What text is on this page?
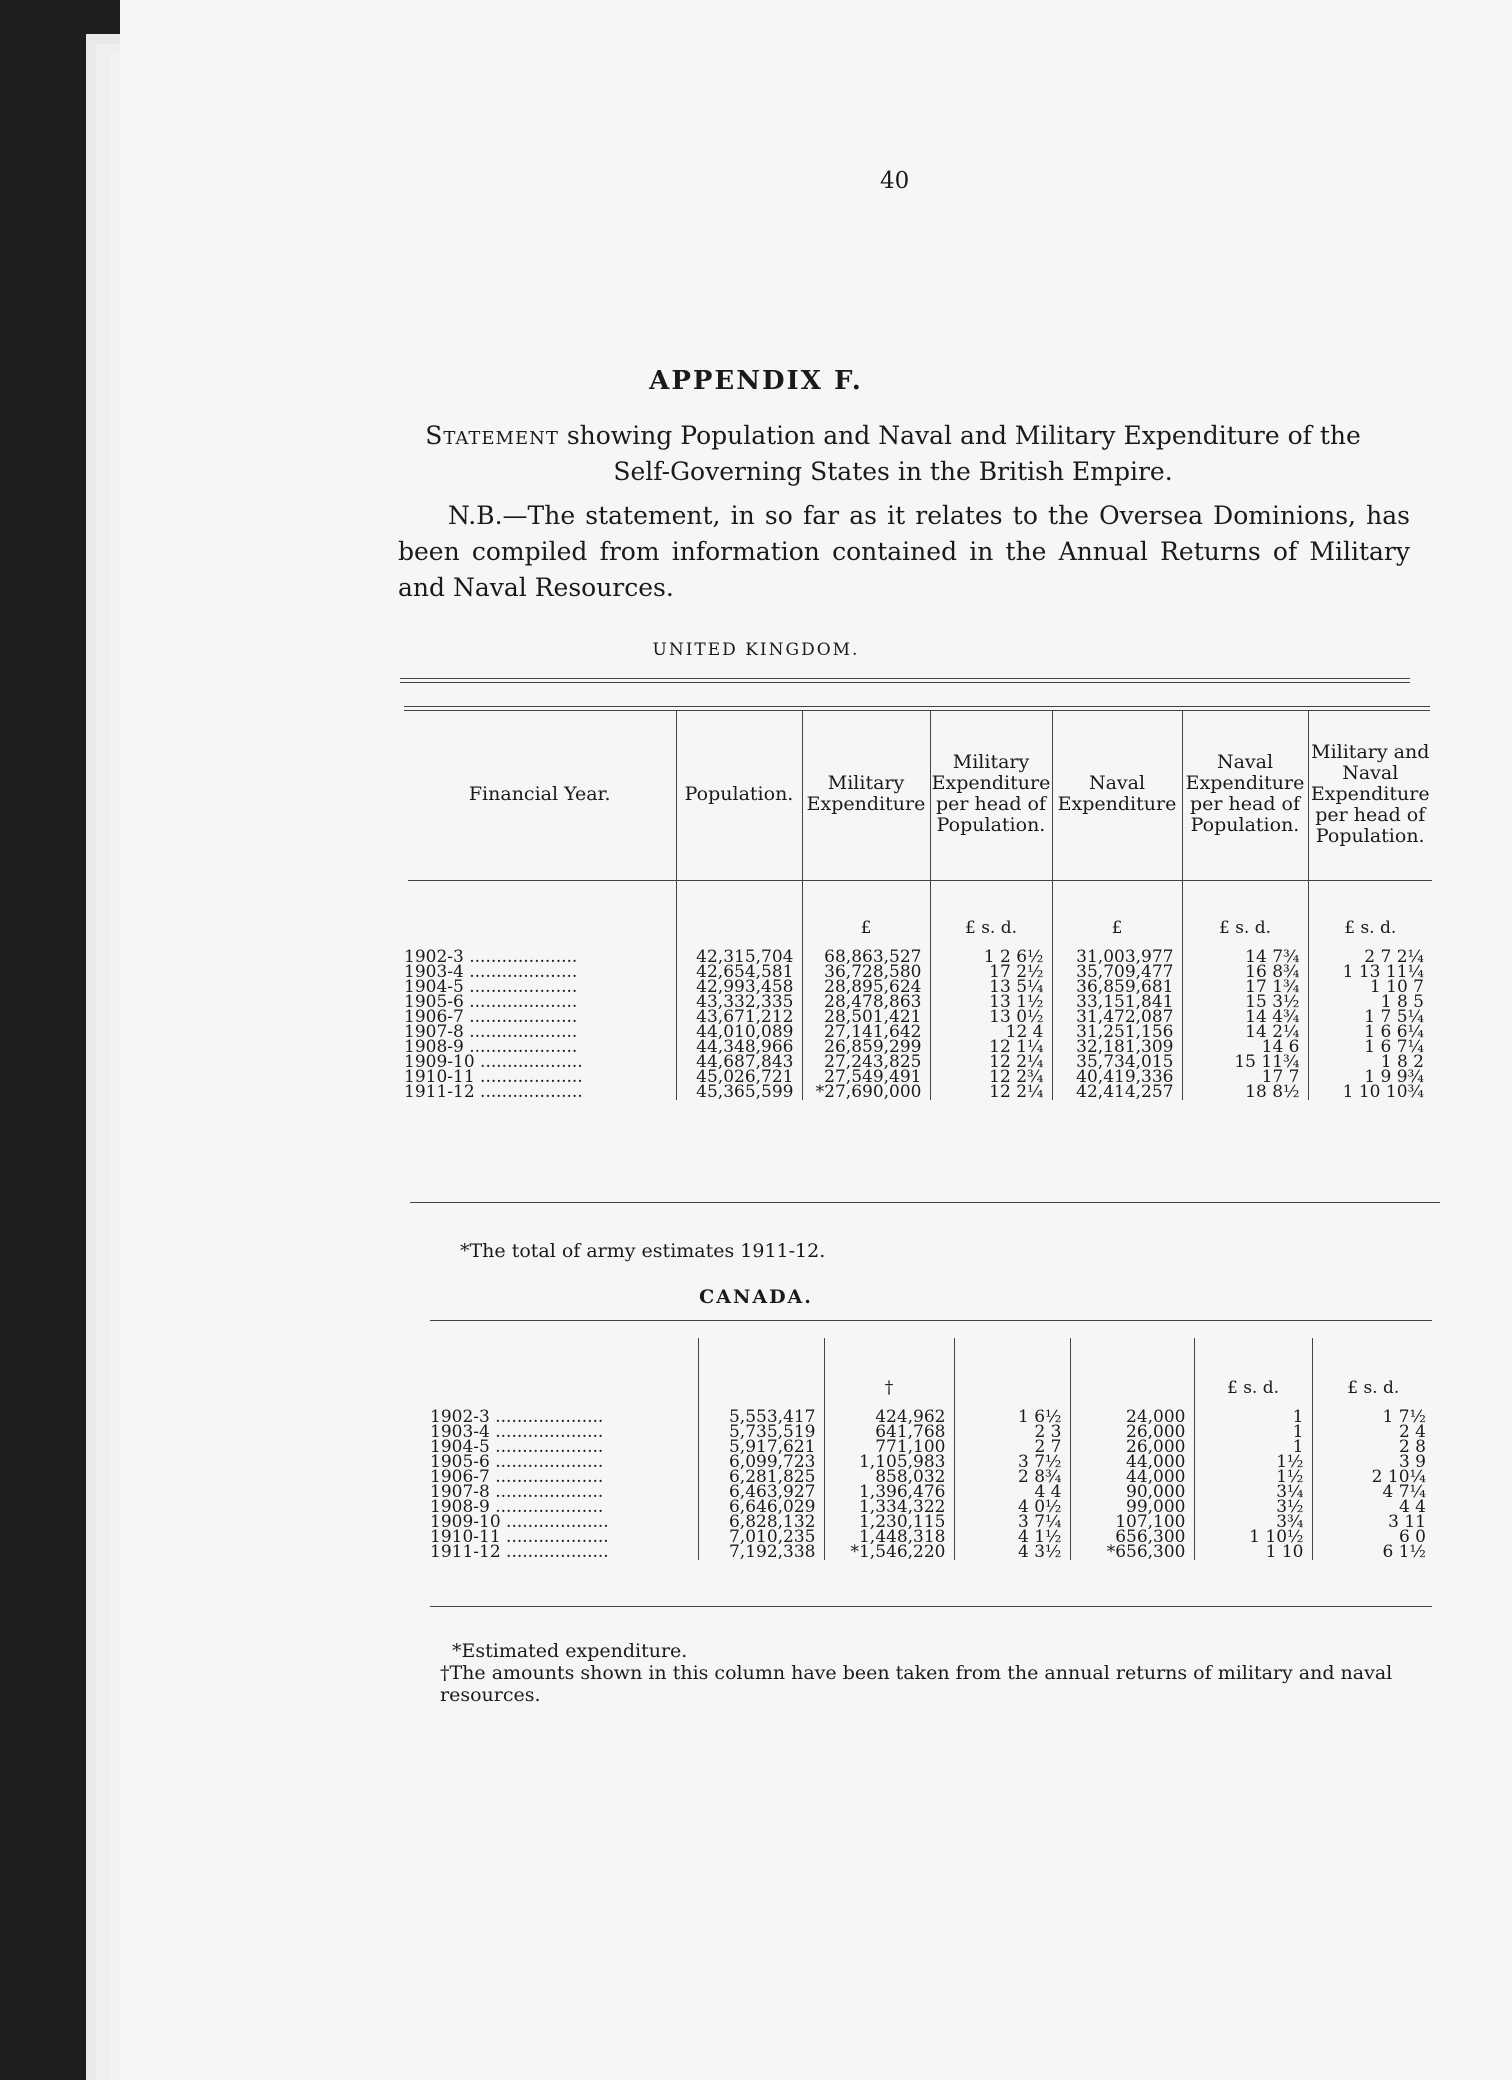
40
APPENDIX F.
Statement showing Population and Naval and Military Expenditure of the Self-Governing States in the British Empire.
N.B.—The statement, in so far as it relates to the Oversea Dominions, has been compiled from information contained in the Annual Returns of Military and Naval Resources.
UNITED KINGDOM.
Financial Year.	Population.	Military Expenditure	Military Expenditure per head of Population.	Naval Expenditure	Naval Expenditure per head of Population.	Military and Naval Expenditure per head of Population.
		£	£ s. d.	£	£ s. d.	£ s. d.
1902-3 ....................	42,315,704	68,863,527	1 2 6½	31,003,977	14 7¾	2 7 2¼
1903-4 ....................	42,654,581	36,728,580	17 2½	35,709,477	16 8¾	1 13 11¼
1904-5 ....................	42,993,458	28,895,624	13 5¼	36,859,681	17 1¾	1 10 7
1905-6 ....................	43,332,335	28,478,863	13 1½	33,151,841	15 3½	1 8 5
1906-7 ....................	43,671,212	28,501,421	13 0½	31,472,087	14 4¾	1 7 5¼
1907-8 ....................	44,010,089	27,141,642	12 4	31,251,156	14 2¼	1 6 6¼
1908-9 ....................	44,348,966	26,859,299	12 1¼	32,181,309	14 6	1 6 7¼
1909-10 ...................	44,687,843	27,243,825	12 2¼	35,734,015	15 11¾	1 8 2
1910-11 ...................	45,026,721	27,549,491	12 2¾	40,419,336	17 7	1 9 9¾
1911-12 ...................	45,365,599	*27,690,000	12 2¼	42,414,257	18 8½	1 10 10¾
*The total of army estimates 1911-12.
CANADA.
		†			£ s. d.	£ s. d.
1902-3 ....................	5,553,417	424,962	1 6½	24,000	1	1 7½
1903-4 ....................	5,735,519	641,768	2 3	26,000	1	2 4
1904-5 ....................	5,917,621	771,100	2 7	26,000	1	2 8
1905-6 ....................	6,099,723	1,105,983	3 7½	44,000	1½	3 9
1906-7 ....................	6,281,825	858,032	2 8¾	44,000	1½	2 10¼
1907-8 ....................	6,463,927	1,396,476	4 4	90,000	3¼	4 7¼
1908-9 ....................	6,646,029	1,334,322	4 0½	99,000	3½	4 4
1909-10 ...................	6,828,132	1,230,115	3 7¼	107,100	3¾	3 11
1910-11 ...................	7,010,235	1,448,318	4 1½	656,300	1 10½	6 0
1911-12 ...................	7,192,338	*1,546,220	4 3½	*656,300	1 10	6 1½
*Estimated expenditure.
†The amounts shown in this column have been taken from the annual returns of military and naval resources.
